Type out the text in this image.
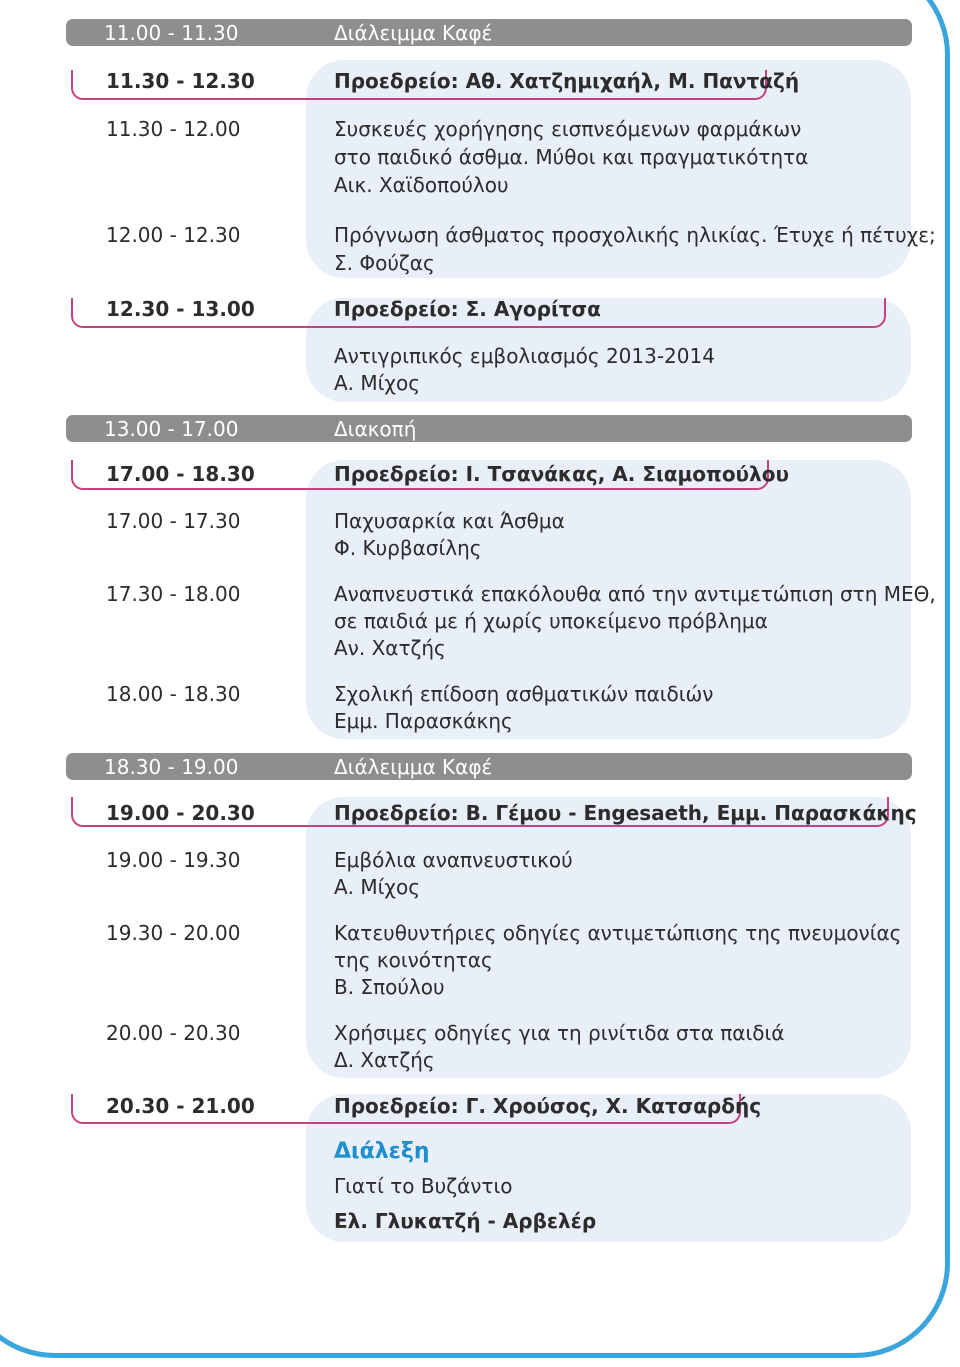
11.00 - 11.30	Διάλειμμα Καφέ
11.30 - 12.30	Προεδρείο: Αθ. Χατζημιχαήλ, Μ. Πανταζή
11.30 - 12.00	Συσκευές χορήγησης εισπνεόμενων φαρμάκων
στο παιδικό άσθμα. Μύθοι και πραγματικότητα
Αικ. Χαϊδοπούλου
12.00 - 12.30	Πρόγνωση άσθματος προσχολικής ηλικίας. Έτυχε ή πέτυχε;
Σ. Φούζας
12.30 - 13.00	Προεδρείο: Σ. Αγορίτσα
Αντιγριπικός εμβολιασμός 2013-2014
Α. Μίχος
13.00 - 17.00	Διακοπή
17.00 - 18.30	Προεδρείο: Ι. Τσανάκας, Α. Σιαμοπούλου
17.00 - 17.30	Παχυσαρκία και Άσθμα
Φ. Κυρβασίλης
17.30 - 18.00	Αναπνευστικά επακόλουθα από την αντιμετώπιση στη ΜΕΘ,
σε παιδιά με ή χωρίς υποκείμενο πρόβλημα
Αν. Χατζής
18.00 - 18.30	Σχολική επίδοση ασθματικών παιδιών
Εμμ. Παρασκάκης
18.30 - 19.00	Διάλειμμα Καφέ
19.00 - 20.30	Προεδρείο: Β. Γέμου - Engesaeth, Εμμ. Παρασκάκης
19.00 - 19.30	Εμβόλια αναπνευστικού
Α. Μίχος
19.30 - 20.00	Κατευθυντήριες οδηγίες αντιμετώπισης της πνευμονίας
της κοινότητας
Β. Σπούλου
20.00 - 20.30	Χρήσιμες οδηγίες για τη ρινίτιδα στα παιδιά
Δ. Χατζής
20.30 - 21.00	Προεδρείο: Γ. Χρούσος, Χ. Κατσαρδής
Διάλεξη
Γιατί το Βυζάντιο
Ελ. Γλυκατζή - Αρβελέρ
